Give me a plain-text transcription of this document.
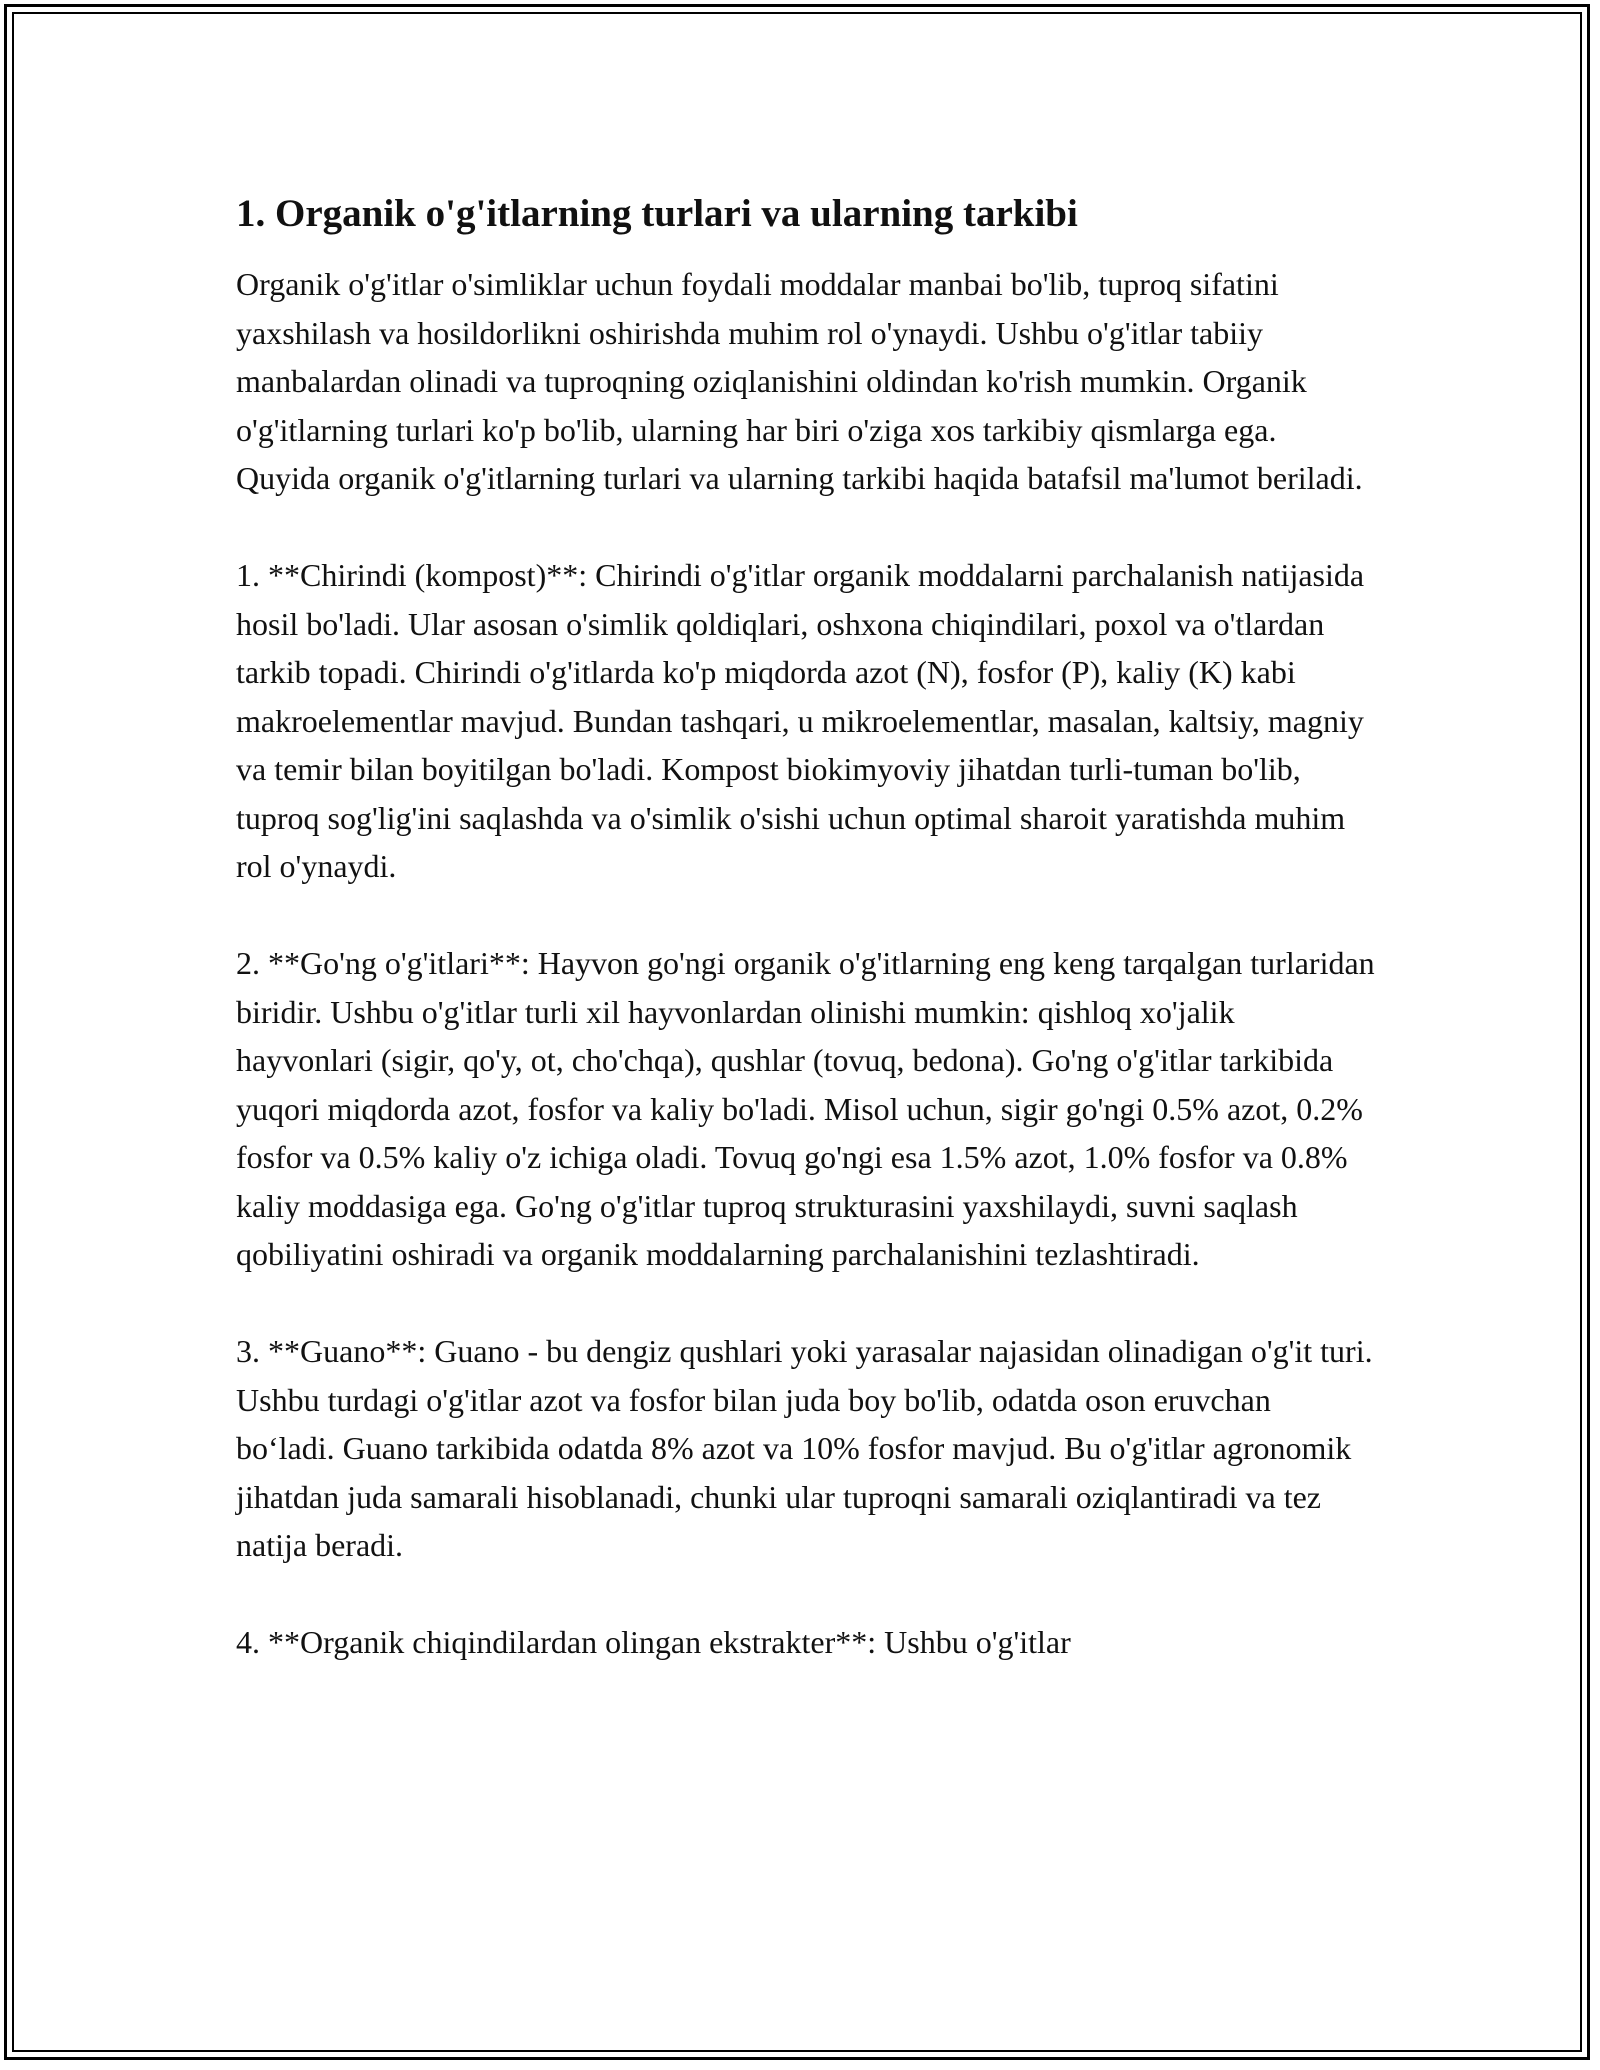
1. Organik o'g'itlarning turlari va ularning tarkibi

Organik o'g'itlar o'simliklar uchun foydali moddalar manbai bo'lib, tuproq sifatini yaxshilash va hosildorlikni oshirishda muhim rol o'ynaydi. Ushbu o'g'itlar tabiiy manbalardan olinadi va tuproqning oziqlanishini oldindan ko'rish mumkin. Organik o'g'itlarning turlari ko'p bo'lib, ularning har biri o'ziga xos tarkibiy qismlarga ega. Quyida organik o'g'itlarning turlari va ularning tarkibi haqida batafsil ma'lumot beriladi.

1. **Chirindi (kompost)**: Chirindi o'g'itlar organik moddalarni parchalanish natijasida hosil bo'ladi. Ular asosan o'simlik qoldiqlari, oshxona chiqindilari, poxol va o'tlardan tarkib topadi. Chirindi o'g'itlarda ko'p miqdorda azot (N), fosfor (P), kaliy (K) kabi makroelementlar mavjud. Bundan tashqari, u mikroelementlar, masalan, kaltsiy, magniy va temir bilan boyitilgan bo'ladi. Kompost biokimyoviy jihatdan turli-tuman bo'lib, tuproq sog'lig'ini saqlashda va o'simlik o'sishi uchun optimal sharoit yaratishda muhim rol o'ynaydi.

2. **Go'ng o'g'itlari**: Hayvon go'ngi organik o'g'itlarning eng keng tarqalgan turlaridan biridir. Ushbu o'g'itlar turli xil hayvonlardan olinishi mumkin: qishloq xo'jalik hayvonlari (sigir, qo'y, ot, cho'chqa), qushlar (tovuq, bedona). Go'ng o'g'itlar tarkibida yuqori miqdorda azot, fosfor va kaliy bo'ladi. Misol uchun, sigir go'ngi 0.5% azot, 0.2% fosfor va 0.5% kaliy o'z ichiga oladi. Tovuq go'ngi esa 1.5% azot, 1.0% fosfor va 0.8% kaliy moddasiga ega. Go'ng o'g'itlar tuproq strukturasini yaxshilaydi, suvni saqlash qobiliyatini oshiradi va organik moddalarning parchalanishini tezlashtiradi.

3. **Guano**: Guano - bu dengiz qushlari yoki yarasalar najasidan olinadigan o'g'it turi. Ushbu turdagi o'g'itlar azot va fosfor bilan juda boy bo'lib, odatda oson eruvchan bo‘ladi. Guano tarkibida odatda 8% azot va 10% fosfor mavjud. Bu o'g'itlar agronomik jihatdan juda samarali hisoblanadi, chunki ular tuproqni samarali oziqlantiradi va tez natija beradi.

4. **Organik chiqindilardan olingan ekstrakter**: Ushbu o'g'itlar
